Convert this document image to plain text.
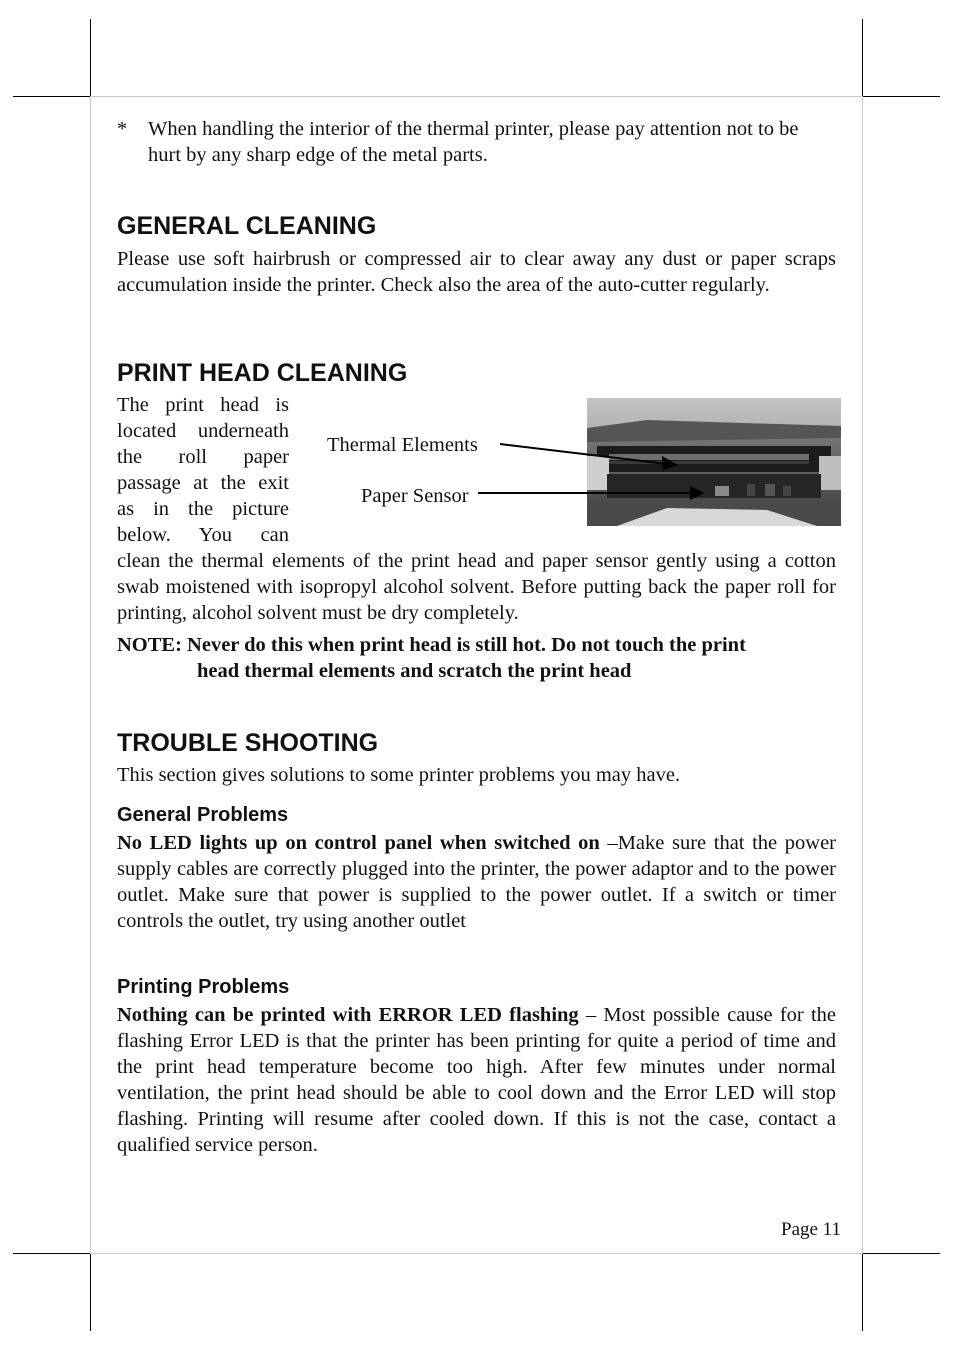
* When handling the interior of the thermal printer, please pay attention not to be hurt by any sharp edge of the metal parts.

GENERAL CLEANING

Please use soft hairbrush or compressed air to clear away any dust or paper scraps accumulation inside the printer. Check also the area of the auto-cutter regularly.

PRINT HEAD CLEANING
The print head is
located underneath
the roll paper
passage at the exit
as in the picture
below. You can
Thermal Elements
Paper Sensor

clean the thermal elements of the print head and paper sensor gently using a cotton swab moistened with isopropyl alcohol solvent. Before putting back the paper roll for printing, alcohol solvent must be dry completely.

NOTE: Never do this when print head is still hot. Do not touch the print
head thermal elements and scratch the print head
TROUBLE SHOOTING

This section gives solutions to some printer problems you may have.

General Problems

No LED lights up on control panel when switched on –Make sure that the power supply cables are correctly plugged into the printer, the power adaptor and to the power outlet. Make sure that power is supplied to the power outlet. If a switch or timer controls the outlet, try using another outlet

Printing Problems

Nothing can be printed with ERROR LED flashing – Most possible cause for the flashing Error LED is that the printer has been printing for quite a period of time and the print head temperature become too high. After few minutes under normal ventilation, the print head should be able to cool down and the Error LED will stop flashing. Printing will resume after cooled down. If this is not the case, contact a qualified service person.

Page 11
